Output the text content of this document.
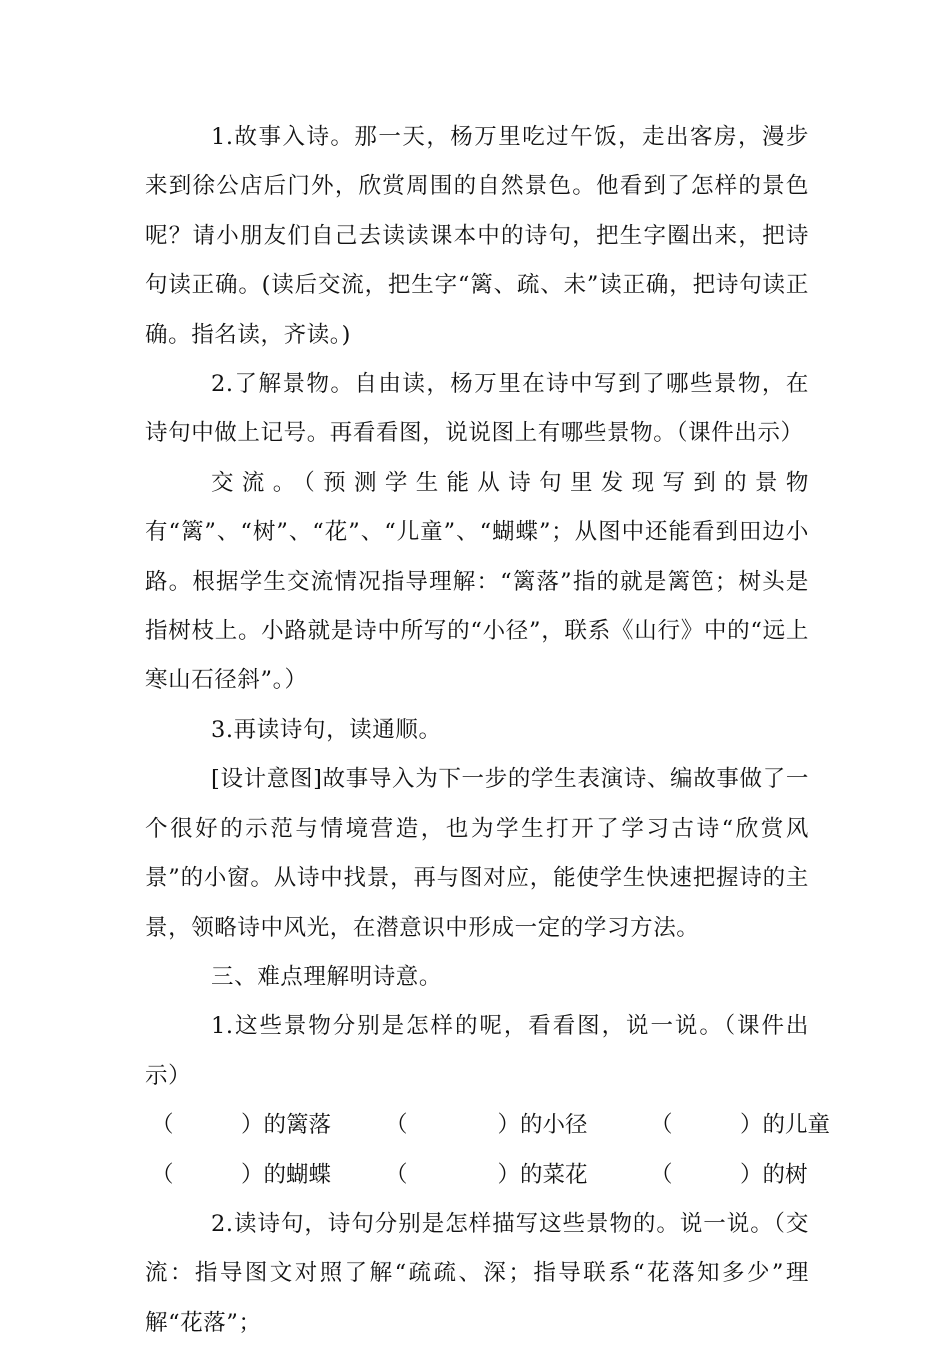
1.故事入诗。那一天，杨万里吃过午饭，走出客房，漫步来到徐公店后门外，欣赏周围的自然景色。他看到了怎样的景色呢？请小朋友们自己去读读课本中的诗句，把生字圈出来，把诗句读正确。(读后交流，把生字“篱、疏、未”读正确，把诗句读正确。指名读，齐读。)

2.了解景物。自由读，杨万里在诗中写到了哪些景物，在诗句中做上记号。再看看图，说说图上有哪些景物。（课件出示）

交流。（预测学生能从诗句里发现写到的景物有“篱”、“树”、“花”、“儿童”、“蝴蝶”；从图中还能看到田边小路。根据学生交流情况指导理解：“篱落”指的就是篱笆；树头是指树枝上。小路就是诗中所写的“小径”，联系《山行》中的“远上寒山石径斜”。）

3.再读诗句，读通顺。

[设计意图]故事导入为下一步的学生表演诗、编故事做了一个很好的示范与情境营造，也为学生打开了学习古诗“欣赏风景”的小窗。从诗中找景，再与图对应，能使学生快速把握诗的主景，领略诗中风光，在潜意识中形成一定的学习方法。

三、难点理解明诗意。

1.这些景物分别是怎样的呢，看看图，说一说。（课件出示）

（　　　）的篱落 （　　　　）的小径	（　　　）的儿童
（　　　）的蝴蝶 （　　　　）的菜花	（　　　）的树

2.读诗句，诗句分别是怎样描写这些景物的。说一说。（交流：指导图文对照了解“疏疏、深；指导联系“花落知多少”理解“花落”；
